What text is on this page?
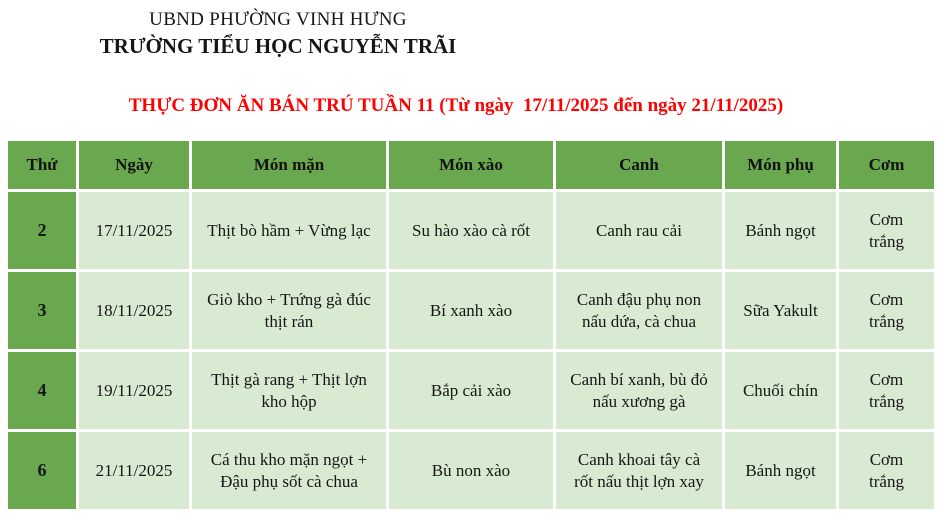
UBND PHƯỜNG VINH HƯNG
TRƯỜNG TIỂU HỌC NGUYỄN TRÃI
THỰC ĐƠN ĂN BÁN TRÚ TUẦN 11 (Từ ngày  17/11/2025 đến ngày 21/11/2025)
Thứ	Ngày	Món mặn	Món xào	Canh	Món phụ	Cơm
2	17/11/2025	Thịt bò hầm + Vừng lạc	Su hào xào cà rốt	Canh rau cải	Bánh ngọt	Cơm trắng
3	18/11/2025	Giò kho + Trứng gà đúc thịt rán	Bí xanh xào	Canh đậu phụ non nấu dứa, cà chua	Sữa Yakult	Cơm trắng
4	19/11/2025	Thịt gà rang + Thịt lợn kho hộp	Bắp cải xào	Canh bí xanh, bù đỏ nấu xương gà	Chuối chín	Cơm trắng
6	21/11/2025	Cá thu kho mặn ngọt + Đậu phụ sốt cà chua	Bù non xào	Canh khoai tây cà rốt nấu thịt lợn xay	Bánh ngọt	Cơm trắng
